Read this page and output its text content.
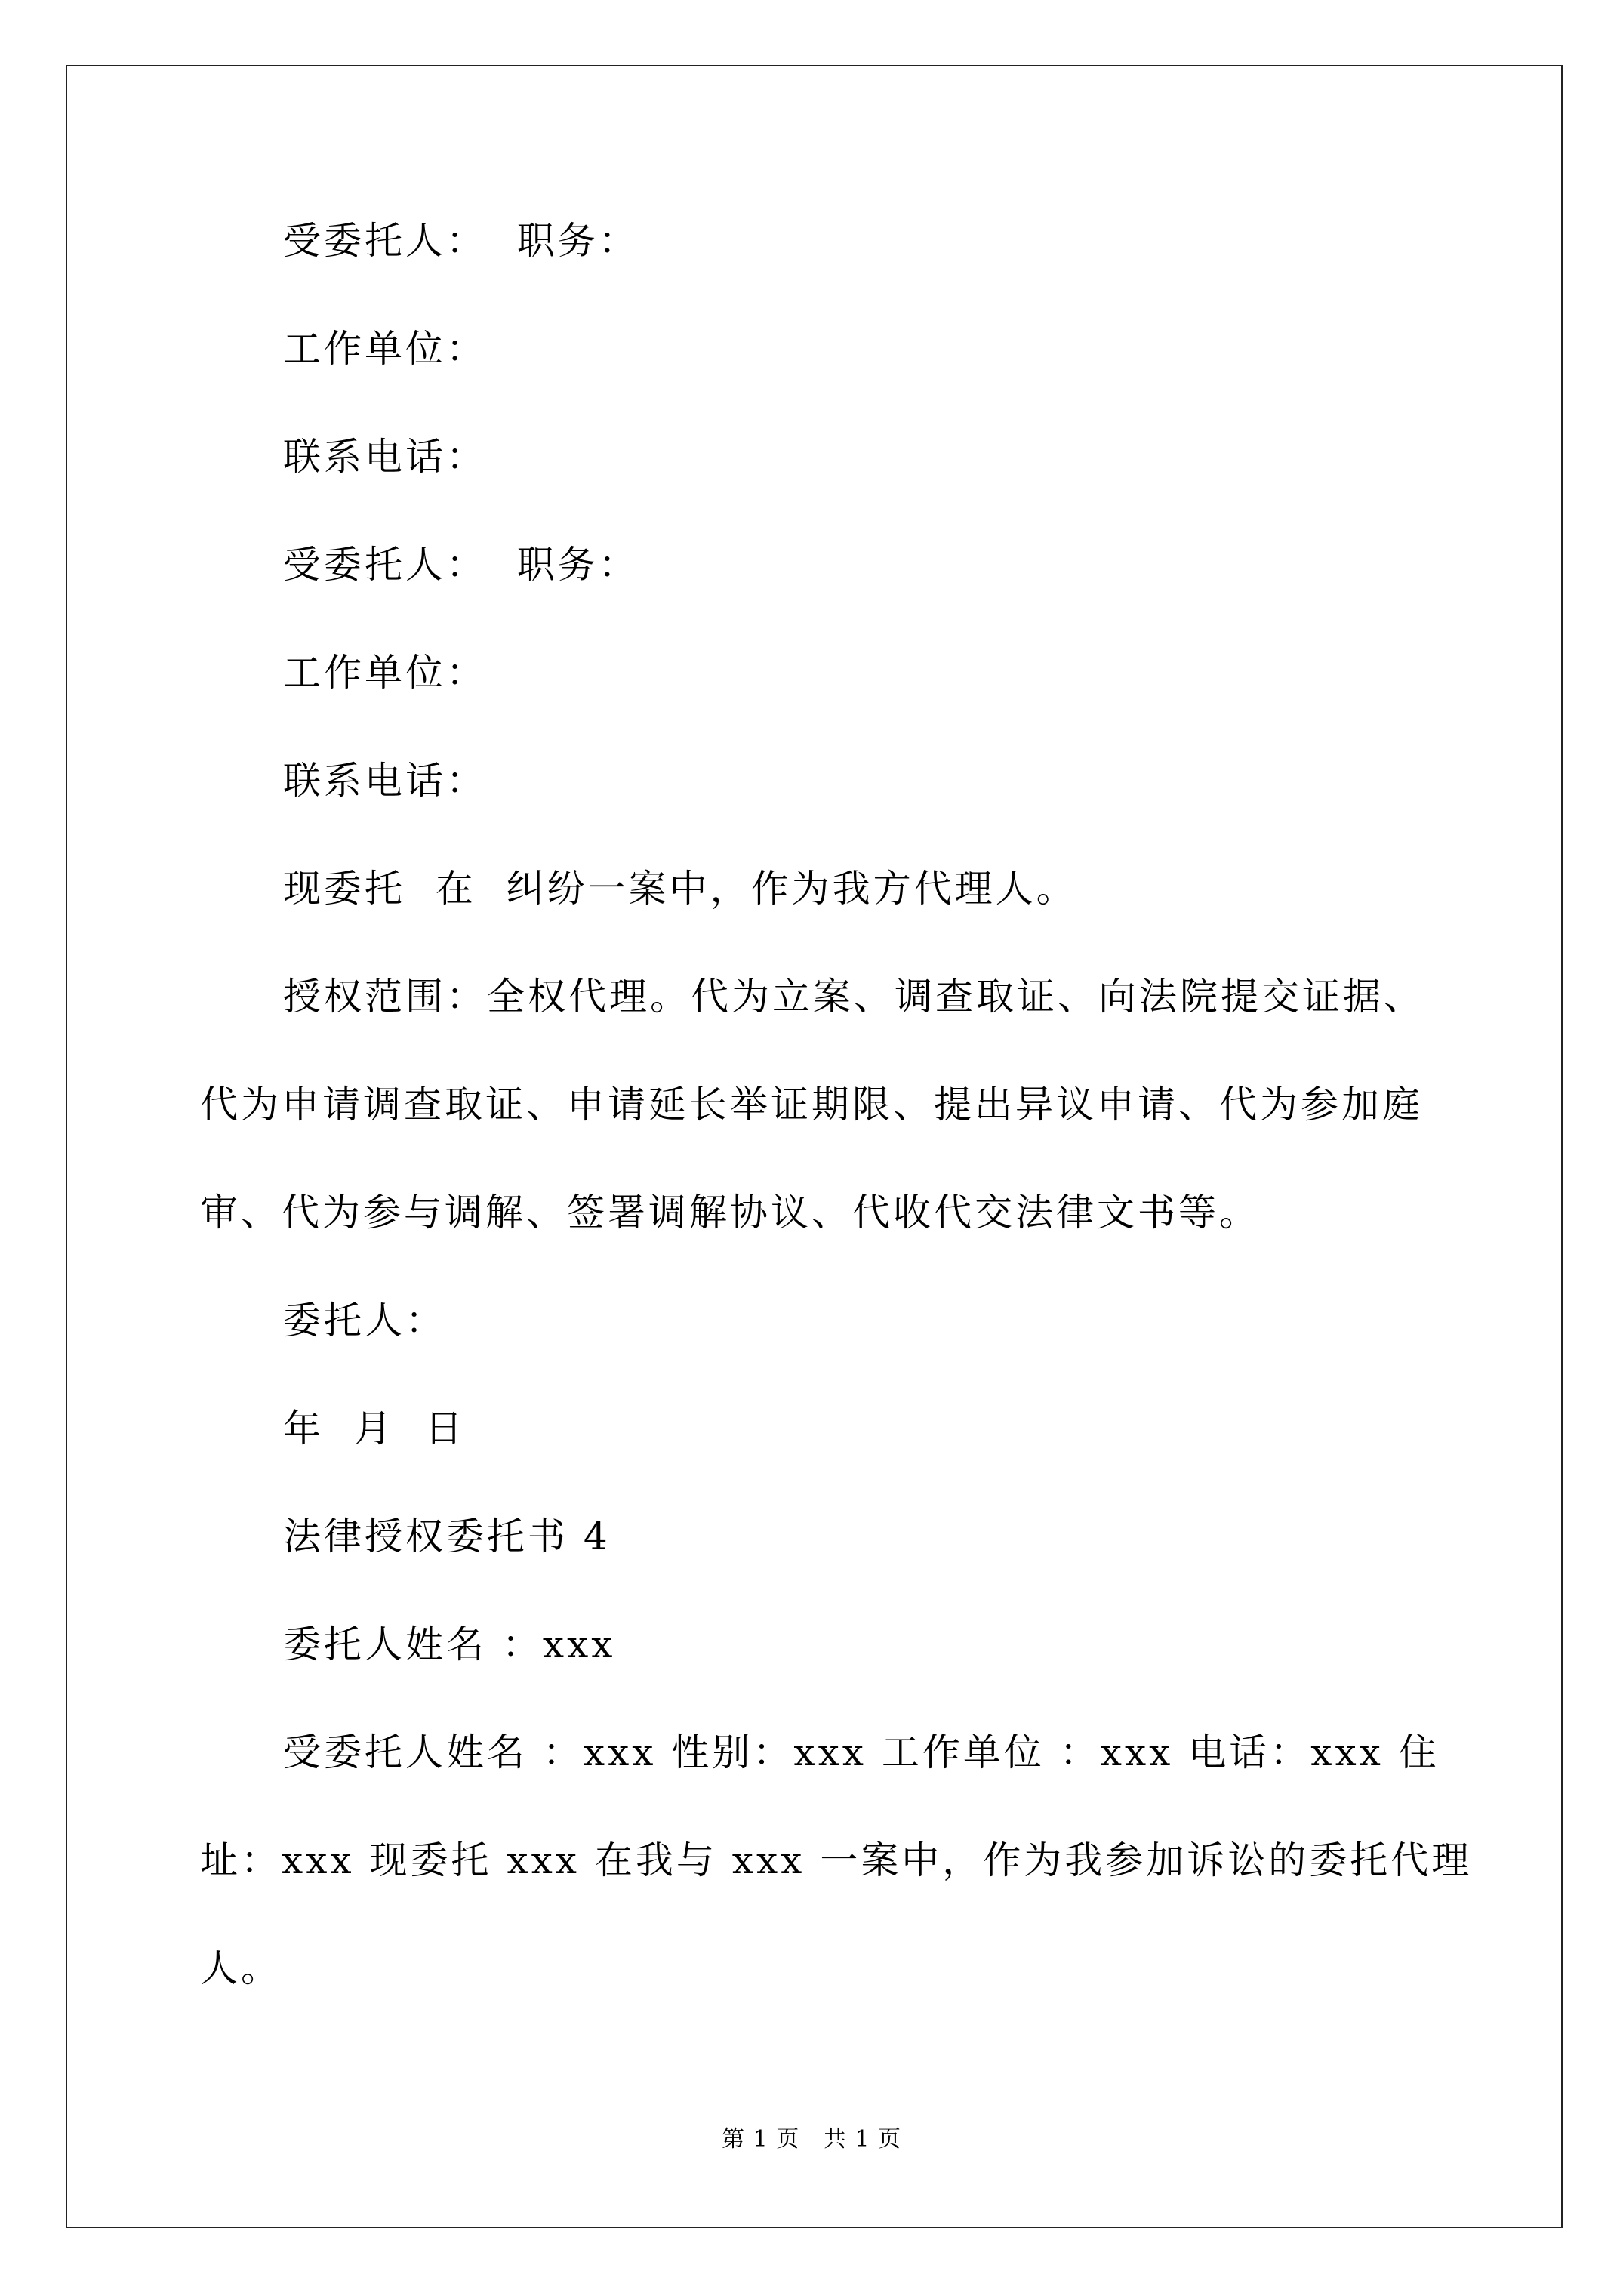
受委托人：  职务：
工作单位：
联系电话：
受委托人：  职务：
工作单位：
联系电话：
现委托  在  纠纷一案中，作为我方代理人。
授权范围：全权代理。代为立案、调查取证、向法院提交证据、
代为申请调查取证、申请延长举证期限、提出异议申请、代为参加庭
审、代为参与调解、签署调解协议、代收代交法律文书等。
委托人：
年  月  日
法律授权委托书 4
委托人姓名 ：xxx
受委托人姓名 ：xxx 性别：xxx 工作单位 ：xxx 电话：xxx 住
址：xxx 现委托 xxx 在我与 xxx 一案中，作为我参加诉讼的委托代理
人。
第 1 页   共 1 页
